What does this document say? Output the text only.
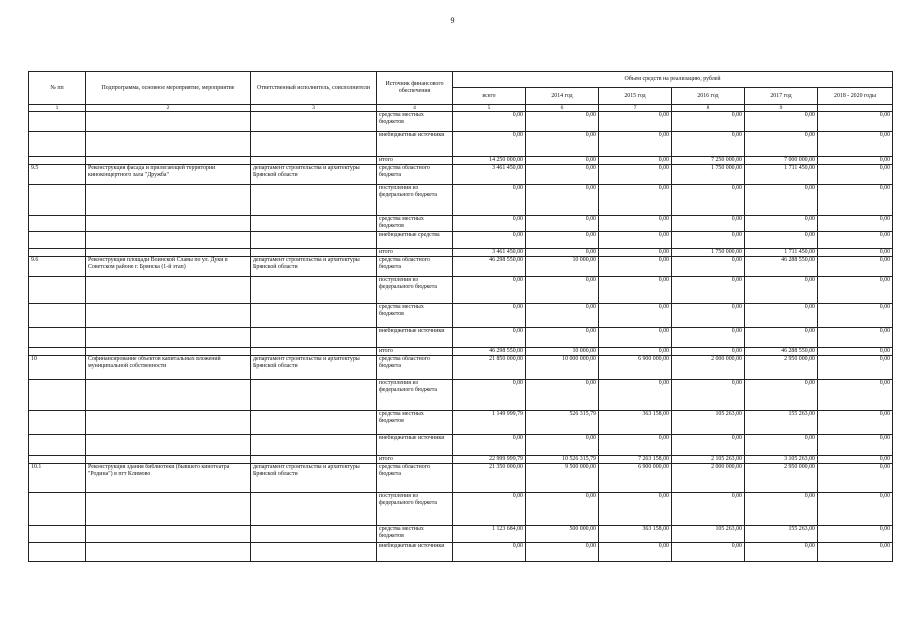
9
№ пп	Подпрограмма, основное мероприятие, мероприятие	Ответственный исполнитель, соисполнители	Источник финансового обеспечения	Объем средств на реализацию, рублей					
				всего	2014 год	2015 год	2016 год	2017 год	2018 - 2020 годы
1	2	3	4	5	6	7	8	9	
			средства местных бюджетов	0,00	0,00	0,00	0,00	0,00	0,00
			внебюджетные источники	0,00	0,00	0,00	0,00	0,00	0,00
			итого	14 250 000,00	0,00	0,00	7 250 000,00	7 000 000,00	0,00
9.5	Реконструкция фасада и прилегающей территории киноконцертного зала "Дружба"	департамент строительства и архитектуры Брянской области	средства областного бюджета	3 461 450,00	0,00	0,00	1 750 000,00	1 711 450,00	0,00
			поступления из федерального бюджета	0,00	0,00	0,00	0,00	0,00	0,00
			средства местных бюджетов	0,00	0,00	0,00	0,00	0,00	0,00
			внебюджетные средства	0,00	0,00	0,00	0,00	0,00	0,00
			итого	3 461 450,00	0,00	0,00	1 750 000,00	1 711 450,00	0,00
9.6	Реконструкция площади Воинской Славы по ул. Дуки в Советском районе г. Брянска (1-й этап)	департамент строительства и архитектуры Брянской области	средства областного бюджета	46 298 550,00	10 000,00	0,00	0,00	46 288 550,00	0,00
			поступления из федерального бюджета	0,00	0,00	0,00	0,00	0,00	0,00
			средства местных бюджетов	0,00	0,00	0,00	0,00	0,00	0,00
			внебюджетные источники	0,00	0,00	0,00	0,00	0,00	0,00
			итого	46 298 550,00	10 000,00	0,00	0,00	46 288 550,00	0,00
10	Софинансирование объектов капитальных вложений муниципальной собственности	департамент строительства и архитектуры Брянской области	средства областного бюджета	21 850 000,00	10 000 000,00	6 900 000,00	2 000 000,00	2 950 000,00	0,00
			поступления из федерального бюджета	0,00	0,00	0,00	0,00	0,00	0,00
			средства местных бюджетов	1 149 999,79	526 315,79	363 158,00	105 263,00	155 263,00	0,00
			внебюджетные источники	0,00	0,00	0,00	0,00	0,00	0,00
			итого	22 999 999,79	10 526 315,79	7 263 158,00	2 105 263,00	3 105 263,00	0,00
10.1	Реконструкция здания библиотеки (бывшего кинотеатра "Родина") в пгт Климово	департамент строительства и архитектуры Брянской области	средства областного бюджета	21 350 000,00	9 500 000,00	6 900 000,00	2 000 000,00	2 950 000,00	0,00
			поступления из федерального бюджета	0,00	0,00	0,00	0,00	0,00	0,00
			средства местных бюджетов	1 123 684,00	500 000,00	363 158,00	105 263,00	155 263,00	0,00
			внебюджетные источники	0,00	0,00	0,00	0,00	0,00	0,00
